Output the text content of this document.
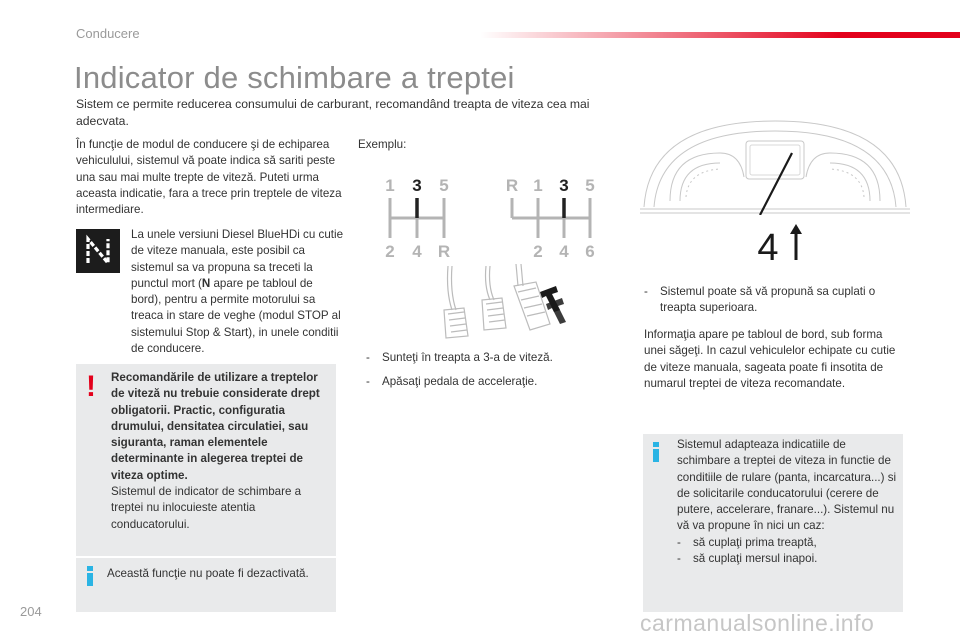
Conducere
Indicator de schimbare a treptei

Sistem ce permite reducerea consumului de carburant, recomandând treapta de viteza cea mai adecvata.

În funcţie de modul de conducere şi de echiparea vehiculului, sistemul vă poate indica să sariti peste una sau mai multe trepte de viteză. Puteti urma aceasta indicatie, fara a trece prin treptele de viteza intermediare.

La unele versiuni Diesel BlueHDi cu cutie de viteze manuala, este posibil ca sistemul sa va propuna sa treceti la punctul mort (N apare pe tabloul de bord), pentru a permite motorului sa treaca in stare de veghe (modul STOP al sistemului Stop & Start), in unele conditii de conducere.

! Recomandările de utilizare a treptelor de viteză nu trebuie considerate drept obligatorii. Practic, configuratia drumului, densitatea circulatiei, sau siguranta, raman elementele determinante in alegerea treptei de viteza optime.
Sistemul de indicator de schimbare a treptei nu inlocuieste atentia conducatorului.

Această funcţie nu poate fi dezactivată.

Exemplu:
1 3 5
2 4 R
R 1 3 5
2 4 6
-	Sunteţi în treapta a 3-a de viteză.
-	Apăsaţi pedala de acceleraţie.
4
-	Sistemul poate să vă propună sa cuplati o treapta superioara.

Informaţia apare pe tabloul de bord, sub forma unei săgeţi. In cazul vehiculelor echipate cu cutie de viteze manuala, sageata poate fi insotita de numarul treptei de viteza recomandate.

Sistemul adapteaza indicatiile de schimbare a treptei de viteza in functie de conditiile de rulare (panta, incarcatura...) si de solicitarile conducatorului (cerere de putere, accelerare, franare...). Sistemul nu vă va propune în nici un caz:

-	să cuplaţi prima treaptă,
-	să cuplaţi mersul inapoi.
204	carmanualsonline.info
